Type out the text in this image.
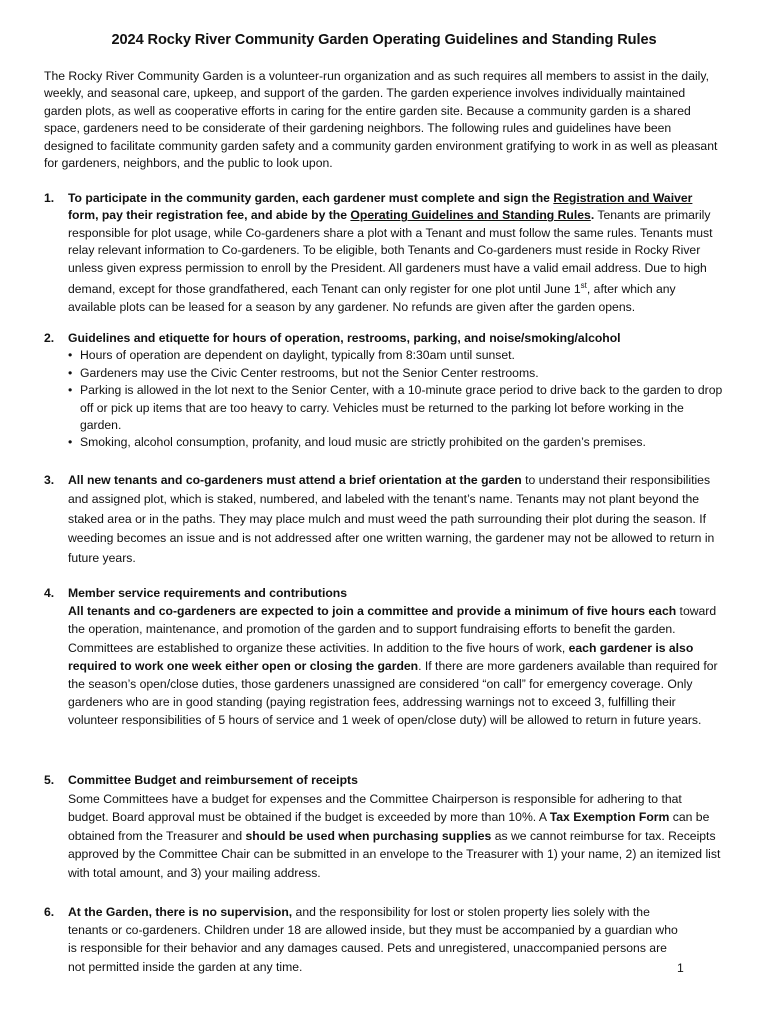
2024 Rocky River Community Garden Operating Guidelines and Standing Rules

The Rocky River Community Garden is a volunteer-run organization and as such requires all members to assist in the daily, weekly, and seasonal care, upkeep, and support of the garden. The garden experience involves individually maintained garden plots, as well as cooperative efforts in caring for the entire garden site. Because a community garden is a shared space, gardeners need to be considerate of their gardening neighbors. The following rules and guidelines have been designed to facilitate community garden safety and a community garden environment gratifying to work in as well as pleasant for gardeners, neighbors, and the public to look upon.

1. To participate in the community garden, each gardener must complete and sign the Registration and Waiver form, pay their registration fee, and abide by the Operating Guidelines and Standing Rules. Tenants are primarily responsible for plot usage, while Co-gardeners share a plot with a Tenant and must follow the same rules. Tenants must relay relevant information to Co-gardeners. To be eligible, both Tenants and Co-gardeners must reside in Rocky River unless given express permission to enroll by the President. All gardeners must have a valid email address. Due to high demand, except for those grandfathered, each Tenant can only register for one plot until June 1st, after which any available plots can be leased for a season by any gardener. No refunds are given after the garden opens.

2. Guidelines and etiquette for hours of operation, restrooms, parking, and noise/smoking/alcohol

• Hours of operation are dependent on daylight, typically from 8:30am until sunset.
• Gardeners may use the Civic Center restrooms, but not the Senior Center restrooms.
• Parking is allowed in the lot next to the Senior Center, with a 10-minute grace period to drive back to the garden to drop off or pick up items that are too heavy to carry. Vehicles must be returned to the parking lot before working in the garden.
• Smoking, alcohol consumption, profanity, and loud music are strictly prohibited on the garden’s premises.
3. All new tenants and co-gardeners must attend a brief orientation at the garden to understand their responsibilities and assigned plot, which is staked, numbered, and labeled with the tenant’s name. Tenants may not plant beyond the staked area or in the paths. They may place mulch and must weed the path surrounding their plot during the season. If weeding becomes an issue and is not addressed after one written warning, the gardener may not be allowed to return in future years.

4. Member service requirements and contributions

All tenants and co-gardeners are expected to join a committee and provide a minimum of five hours each toward the operation, maintenance, and promotion of the garden and to support fundraising efforts to benefit the garden. Committees are established to organize these activities. In addition to the five hours of work, each gardener is also required to work one week either open or closing the garden. If there are more gardeners available than required for the season’s open/close duties, those gardeners unassigned are considered “on call” for emergency coverage. Only gardeners who are in good standing (paying registration fees, addressing warnings not to exceed 3, fulfilling their volunteer responsibilities of 5 hours of service and 1 week of open/close duty) will be allowed to return in future years.

5. Committee Budget and reimbursement of receipts

Some Committees have a budget for expenses and the Committee Chairperson is responsible for adhering to that budget. Board approval must be obtained if the budget is exceeded by more than 10%. A Tax Exemption Form can be obtained from the Treasurer and should be used when purchasing supplies as we cannot reimburse for tax. Receipts approved by the Committee Chair can be submitted in an envelope to the Treasurer with 1) your name, 2) an itemized list with total amount, and 3) your mailing address.

6. At the Garden, there is no supervision, and the responsibility for lost or stolen property lies solely with the tenants or co-gardeners. Children under 18 are allowed inside, but they must be accompanied by a guardian who is responsible for their behavior and any damages caused. Pets and unregistered, unaccompanied persons are not permitted inside the garden at any time.	1
